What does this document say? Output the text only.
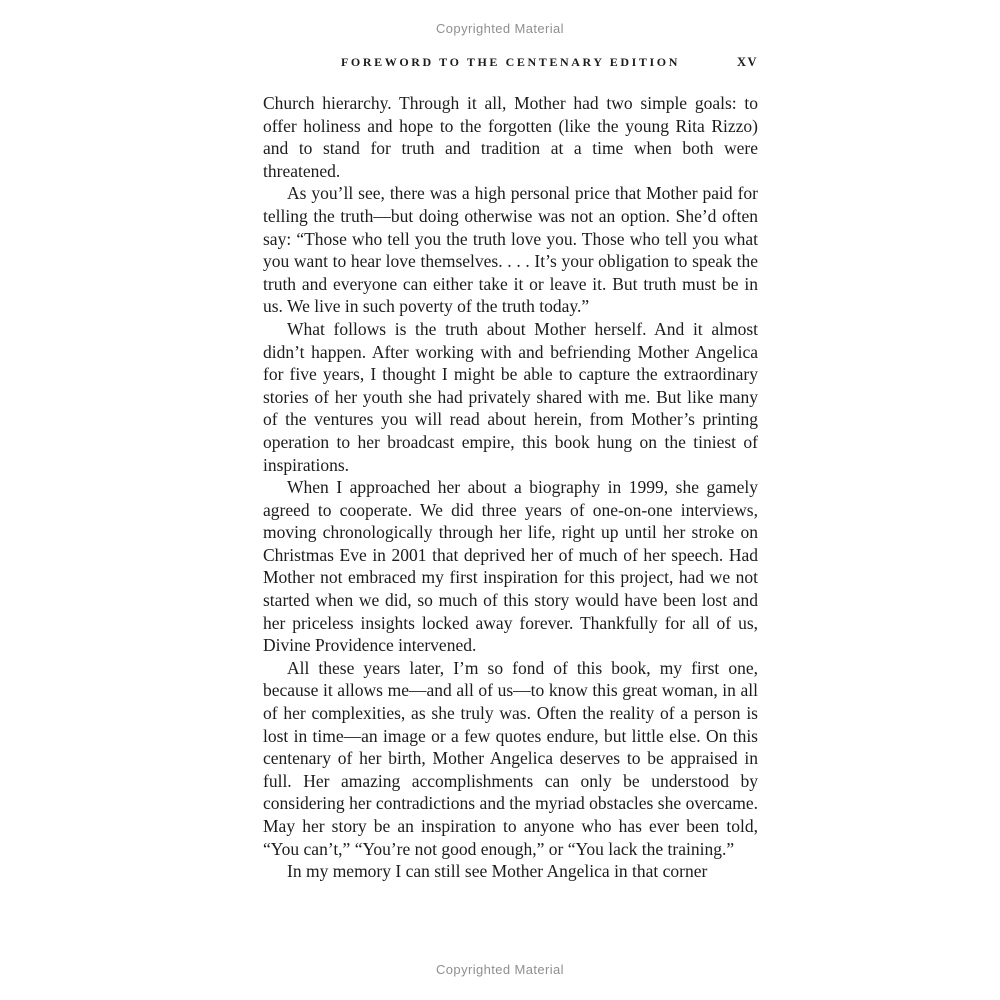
Copyrighted Material
FOREWORD TO THE CENTENARY EDITION	XV

Church hierarchy. Through it all, Mother had two simple goals: to offer holiness and hope to the forgotten (like the young Rita Rizzo) and to stand for truth and tradition at a time when both were threatened.

As you’ll see, there was a high personal price that Mother paid for telling the truth—but doing otherwise was not an option. She’d often say: “Those who tell you the truth love you. Those who tell you what you want to hear love themselves. . . . It’s your obligation to speak the truth and everyone can either take it or leave it. But truth must be in us. We live in such poverty of the truth today.”

What follows is the truth about Mother herself. And it almost didn’t happen. After working with and befriending Mother Angelica for five years, I thought I might be able to capture the extraordinary stories of her youth she had privately shared with me. But like many of the ventures you will read about herein, from Mother’s printing operation to her broadcast empire, this book hung on the tiniest of inspirations.

When I approached her about a biography in 1999, she gamely agreed to cooperate. We did three years of one-on-one interviews, moving chronologically through her life, right up until her stroke on Christmas Eve in 2001 that deprived her of much of her speech. Had Mother not embraced my first inspiration for this project, had we not started when we did, so much of this story would have been lost and her priceless insights locked away forever. Thankfully for all of us, Divine Providence intervened.

All these years later, I’m so fond of this book, my first one, because it allows me—and all of us—to know this great woman, in all of her complexities, as she truly was. Often the reality of a person is lost in time—an image or a few quotes endure, but little else. On this centenary of her birth, Mother Angelica deserves to be appraised in full. Her amazing accomplishments can only be understood by considering her contradictions and the myriad obstacles she overcame. May her story be an inspiration to anyone who has ever been told, “You can’t,” “You’re not good enough,” or “You lack the training.”

In my memory I can still see Mother Angelica in that corner

Copyrighted Material
